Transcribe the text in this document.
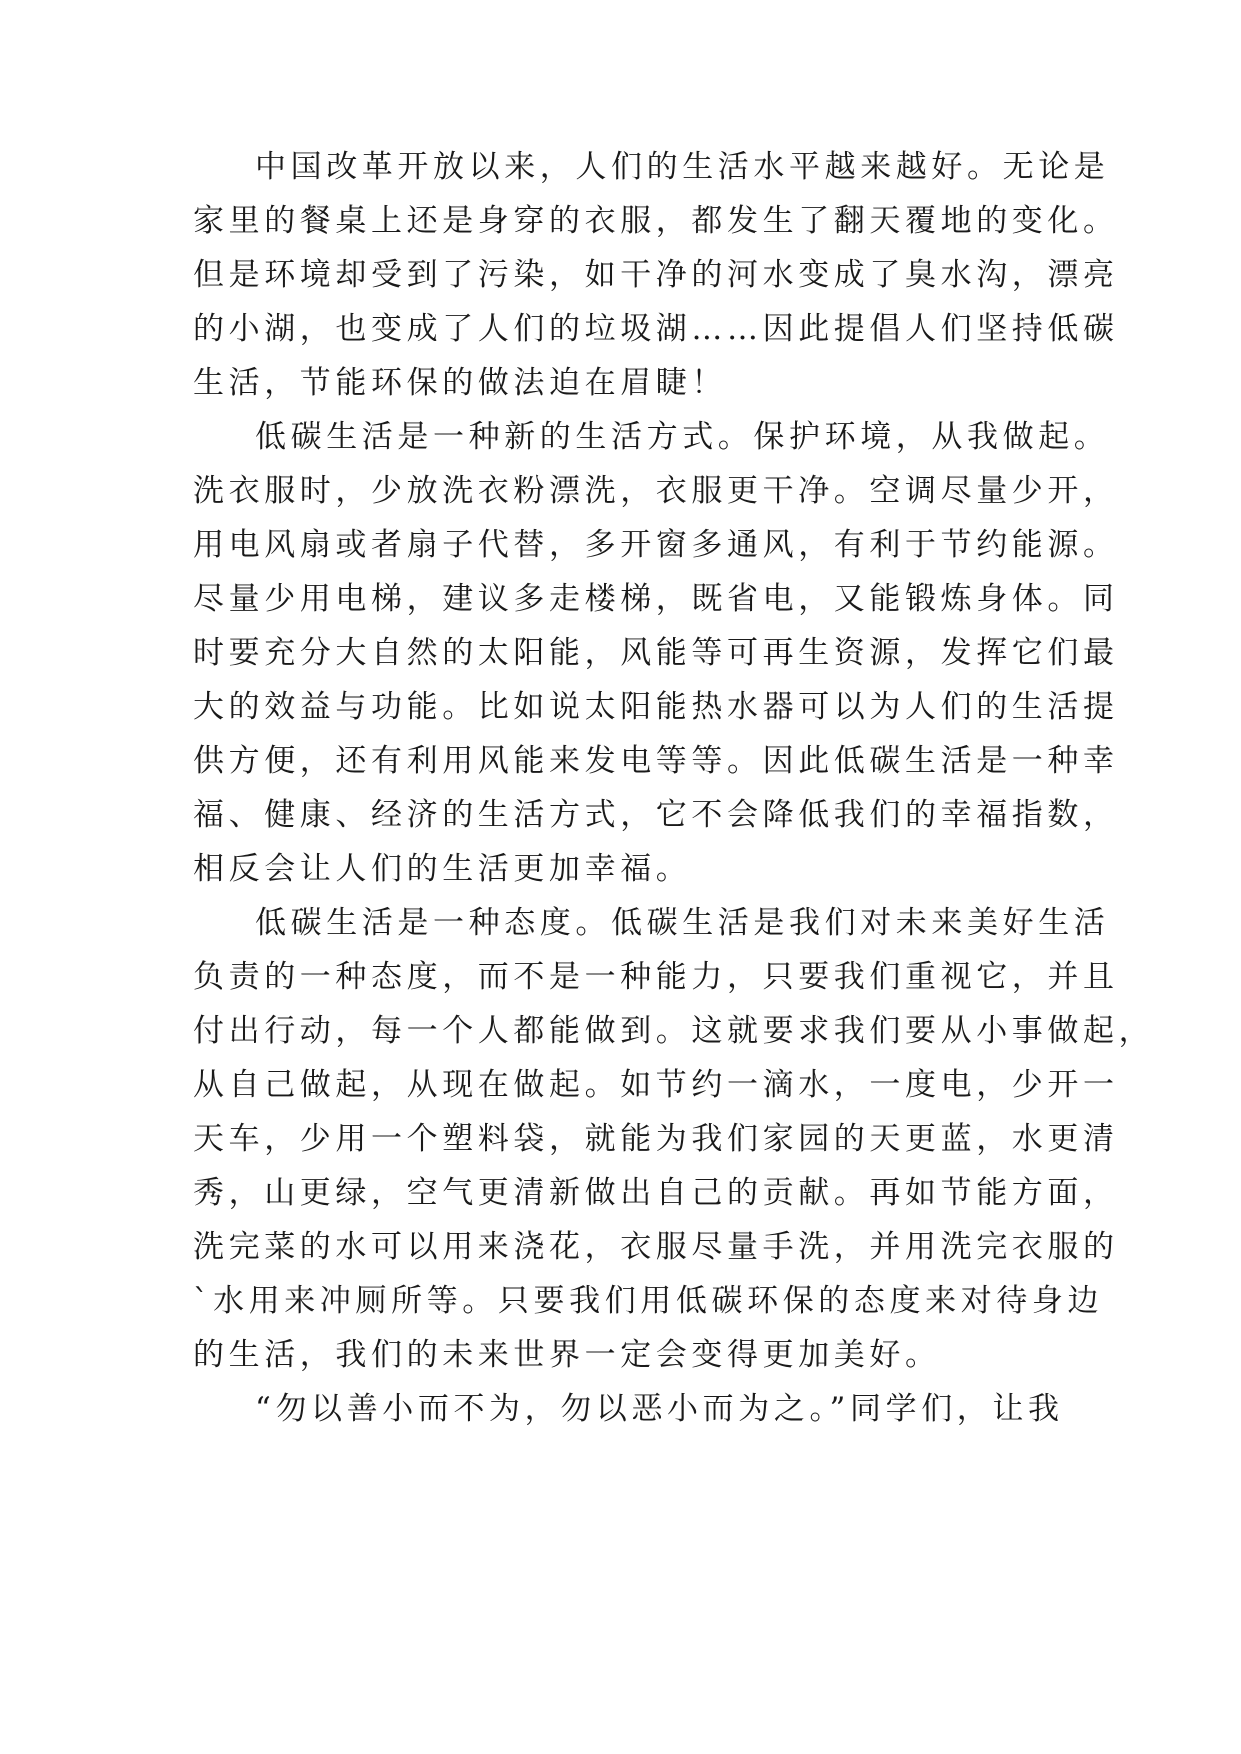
中国改革开放以来，人们的生活水平越来越好。无论是
家里的餐桌上还是身穿的衣服，都发生了翻天覆地的变化。
但是环境却受到了污染，如干净的河水变成了臭水沟，漂亮
的小湖，也变成了人们的垃圾湖……因此提倡人们坚持低碳
生活，节能环保的做法迫在眉睫！
低碳生活是一种新的生活方式。保护环境，从我做起。
洗衣服时，少放洗衣粉漂洗，衣服更干净。空调尽量少开，
用电风扇或者扇子代替，多开窗多通风，有利于节约能源。
尽量少用电梯，建议多走楼梯，既省电，又能锻炼身体。同
时要充分大自然的太阳能，风能等可再生资源，发挥它们最
大的效益与功能。比如说太阳能热水器可以为人们的生活提
供方便，还有利用风能来发电等等。因此低碳生活是一种幸
福、健康、经济的生活方式，它不会降低我们的幸福指数，
相反会让人们的生活更加幸福。
低碳生活是一种态度。低碳生活是我们对未来美好生活
负责的一种态度，而不是一种能力，只要我们重视它，并且
付出行动，每一个人都能做到。这就要求我们要从小事做起，
从自己做起，从现在做起。如节约一滴水，一度电，少开一
天车，少用一个塑料袋，就能为我们家园的天更蓝，水更清
秀，山更绿，空气更清新做出自己的贡献。再如节能方面，
洗完菜的水可以用来浇花，衣服尽量手洗，并用洗完衣服的
`水用来冲厕所等。只要我们用低碳环保的态度来对待身边
的生活，我们的未来世界一定会变得更加美好。
“勿以善小而不为，勿以恶小而为之。”同学们，让我
